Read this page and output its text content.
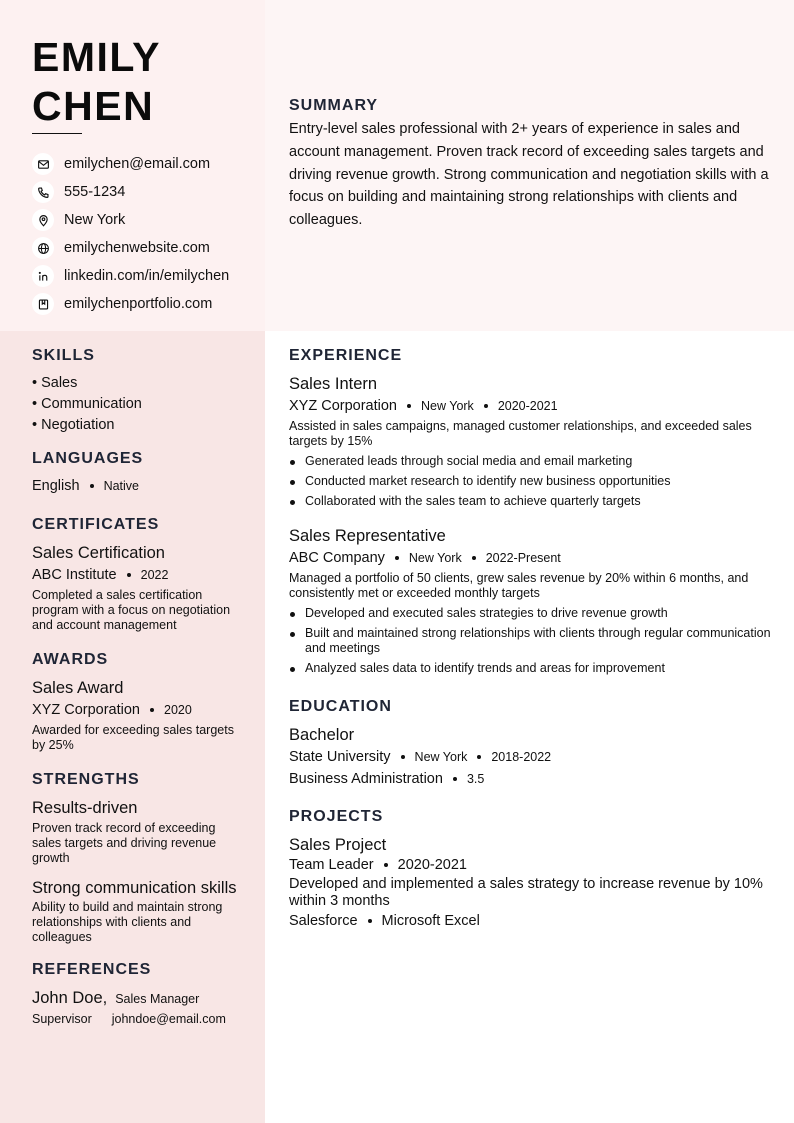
EMILY
CHEN
emilychen@email.com
555-1234
New York
emilychenwebsite.com
linkedin.com/in/emilychen
emilychenportfolio.com
SUMMARY
Entry-level sales professional with 2+ years of experience in sales and account management. Proven track record of exceeding sales targets and driving revenue growth. Strong communication and negotiation skills with a focus on building and maintaining strong relationships with clients and colleagues.
SKILLS
• Sales
• Communication
• Negotiation
LANGUAGES
English Native
CERTIFICATES
Sales Certification
ABC Institute 2022
Completed a sales certification program with a focus on negotiation and account management
AWARDS
Sales Award
XYZ Corporation 2020
Awarded for exceeding sales targets by 25%
STRENGTHS
Results-driven
Proven track record of exceeding sales targets and driving revenue growth
Strong communication skills
Ability to build and maintain strong relationships with clients and colleagues
REFERENCES
John Doe, Sales Manager
Supervisor johndoe@email.com
EXPERIENCE
Sales Intern
XYZ Corporation New York 2020-2021
Assisted in sales campaigns, managed customer relationships, and exceeded sales targets by 15%
Generated leads through social media and email marketing
Conducted market research to identify new business opportunities
Collaborated with the sales team to achieve quarterly targets
Sales Representative
ABC Company New York 2022-Present
Managed a portfolio of 50 clients, grew sales revenue by 20% within 6 months, and consistently met or exceeded monthly targets
Developed and executed sales strategies to drive revenue growth
Built and maintained strong relationships with clients through regular communication and meetings
Analyzed sales data to identify trends and areas for improvement
EDUCATION
Bachelor
State University New York 2018-2022
Business Administration 3.5
PROJECTS
Sales Project
Team Leader 2020-2021
Developed and implemented a sales strategy to increase revenue by 10% within 3 months
Salesforce Microsoft Excel
